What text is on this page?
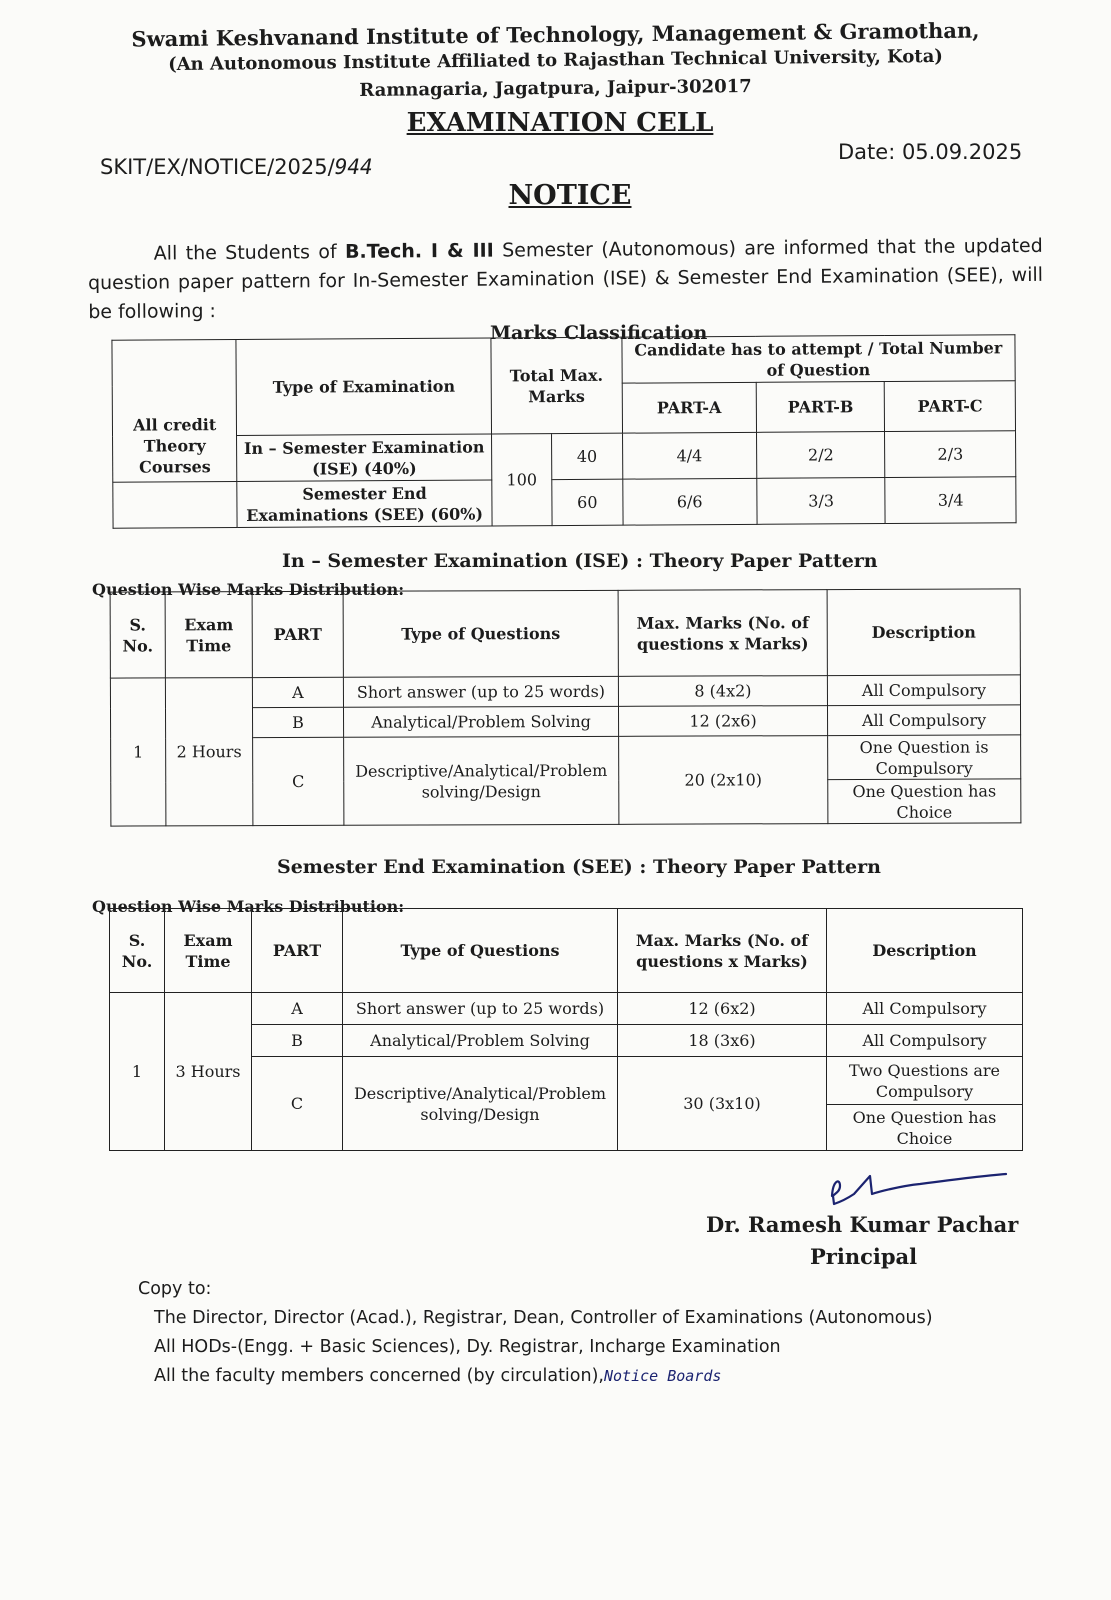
Swami Keshvanand Institute of Technology, Management & Gramothan,
(An Autonomous Institute Affiliated to Rajasthan Technical University, Kota)
Ramnagaria, Jagatpura, Jaipur-302017
EXAMINATION CELL
SKIT/EX/NOTICE/2025/944
Date: 05.09.2025
NOTICE
All the Students of B.Tech. I & III Semester (Autonomous) are informed that the updated question paper pattern for In-Semester Examination (ISE) & Semester End Examination (SEE), will be following :
Marks Classification
All credit Theory Courses	Type of Examination	Total Max. Marks		Candidate has to attempt / Total Number of Question		
				PART-A	PART-B	PART-C
	In – Semester Examination (ISE) (40%)	100	40	4/4	2/2	2/3
	Semester End Examinations (SEE) (60%)		60	6/6	3/3	3/4
In – Semester Examination (ISE) : Theory Paper Pattern
Question Wise Marks Distribution:
S. No.	Exam Time	PART	Type of Questions	Max. Marks (No. of questions x Marks)	Description
1	2 Hours	A	Short answer (up to 25 words)	8 (4x2)	All Compulsory
		B	Analytical/Problem Solving	12 (2x6)	All Compulsory
		C	Descriptive/Analytical/Problem solving/Design	20 (2x10)	One Question is Compulsory
					One Question has Choice
Semester End Examination (SEE) : Theory Paper Pattern
Question Wise Marks Distribution:
S. No.	Exam Time	PART	Type of Questions	Max. Marks (No. of questions x Marks)	Description
1	3 Hours	A	Short answer (up to 25 words)	12 (6x2)	All Compulsory
		B	Analytical/Problem Solving	18 (3x6)	All Compulsory
		C	Descriptive/Analytical/Problem solving/Design	30 (3x10)	Two Questions are Compulsory
					One Question has Choice
Dr. Ramesh Kumar Pachar
Principal
Copy to:
The Director, Director (Acad.), Registrar, Dean, Controller of Examinations (Autonomous)
All HODs-(Engg. + Basic Sciences), Dy. Registrar, Incharge Examination
All the faculty members concerned (by circulation),Notice Boards
